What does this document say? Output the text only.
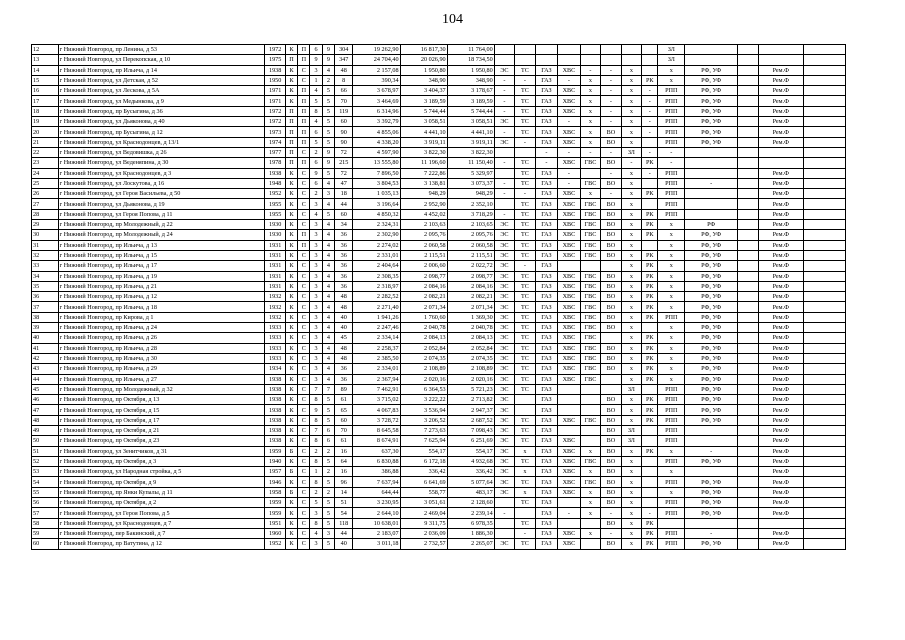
104
12	г Нижний Новгород, пр Ленина, д 53	1972	К	П	6	9	304	19 262,90	16 817,30	11 764,00									ЗЛ				
13	г Нижний Новгород, ул Перекопская, д 10	1975	П	П	9	9	347	24 704,40	20 026,90	18 734,50									ЗЛ				
14	г Нижний Новгород, пр Ильича, д 14	1938	К	С	3	4	48	2 157,08	1 950,80	1 950,80	ЭС	ТС	ГАЗ	ХВС	-	-	х		х	РФ, УФ		Рем.Ф	
15	г Нижний Новгород, ул Детская, д 52	1950	К	С	1	2	8	390,34	348,90	348,90	-	-	ГАЗ	-	х	-	х	РК	х	РФ, УФ		Рем.Ф	
16	г Нижний Новгород, ул Лескова, д 5А	1971	К	П	4	5	66	3 678,97	3 404,37	3 178,67	-	ТС	ГАЗ	ХВС	х	-	х	-	РПП	РФ, УФ		Рем.Ф	
17	г Нижний Новгород, ул Медынкова, д 9	1971	К	П	5	5	70	3 464,69	3 189,59	3 189,59	-	ТС	ГАЗ	ХВС	х	-	х	-	РПП	РФ, УФ		Рем.Ф	
18	г Нижний Новгород, пр Бусыгина, д 36	1972	П	П	8	5	119	6 314,96	5 744,44	5 744,44	-	ТС	ГАЗ	ХВС	х	-	х	-	РПП	РФ, УФ		Рем.Ф	
19	г Нижний Новгород, ул Дьяконова, д 40	1972	П	П	4	5	60	3 392,79	3 058,51	3 058,51	ЭС	ТС	ГАЗ	-	х	-	х	-	РПП	РФ, УФ		Рем.Ф	
20	г Нижний Новгород, пр Бусыгина, д 12	1973	П	П	6	5	90	4 855,06	4 441,10	4 441,10	-	ТС	ГАЗ	ХВС	х	ВО	х	-	РПП	РФ, УФ		Рем.Ф	
21	г Нижний Новгород, ул Краснодонцев, д 13/1	1974	П	П	5	5	90	4 338,20	3 919,11	3 919,11	ЭС	-	ГАЗ	ХВС	х	ВО	х		РПП	РФ, УФ		Рем.Ф	
22	г Нижний Новгород, ул Ведовишка, д 26	1977	П	С	2	9	72	4 597,90	3 822,30	3 822,30			-	-	-	-	ЗЛ	-	-				
23	г Нижний Новгород, ул Веденяпина, д 30	1978	П	П	6	9	215	13 555,80	11 196,60	11 150,40	-	ТС	-	ХВС	ГВС	ВО	-	РК	-				
24	г Нижний Новгород, ул Краснодонцев, д 3	1938	К	С	9	5	72	7 896,50	7 222,86	5 329,97		ТС	ГАЗ	-		-	х	-	РПП			Рем.Ф	
25	г Нижний Новгород, ул Лоскутова, д 16	1948	К	С	6	4	47	3 804,53	3 138,81	3 073,37	-	ТС	ГАЗ	-	ГВС	ВО	х		РПП	-		Рем.Ф	
26	г Нижний Новгород, ул Героя Васильева, д 50	1952	К	С	2	3	18	1 035,13	948,29	948,29	-	-	ГАЗ	ХВС	х	-	х	РК	РПП			Рем.Ф	
27	г Нижний Новгород, ул Дьяконова, д 19	1955	К	С	3	4	44	3 196,64	2 952,90	2 352,10		ТС	ГАЗ	ХВС	ГВС	ВО	х		РПП			Рем.Ф	
28	г Нижний Новгород, ул Героя Попова, д 11	1955	К	С	4	5	60	4 850,32	4 452,02	3 718,29	-	ТС	ГАЗ	ХВС	ГВС	ВО	х	РК	РПП			Рем.Ф	
29	г Нижний Новгород, пр Молодежный, д 22	1930	К	С	3	4	34	2 324,31	2 103,63	2 103,65	ЭС	ТС	ГАЗ	ХВС	ГВС	ВО	х	РК	х	РФ		Рем.Ф	
30	г Нижний Новгород, пр Молодежный, д 24	1930	К	П	3	4	36	2 302,90	2 095,76	2 095,76	ЭС	ТС	ГАЗ	ХВС	ГВС	ВО	х	РК	х	РФ, УФ		Рем.Ф	
31	г Нижний Новгород, пр Ильича, д 13	1931	К	П	3	4	36	2 274,02	2 060,58	2 060,58	ЭС	ТС	ГАЗ	ХВС	ГВС	ВО	х		х	РФ, УФ		Рем.Ф	
32	г Нижний Новгород, пр Ильича, д 15	1931	К	С	3	4	36	2 331,01	2 115,51	2 115,51	ЭС	ТС	ГАЗ	ХВС	ГВС	ВО	х	РК	х	РФ, УФ		Рем.Ф	
33	г Нижний Новгород, пр Ильича, д 17	1931	К	С	3	4	36	2 404,64	2 006,60	2 022,72	ЭС	-	ГАЗ				х	РК	х	РФ, УФ		Рем.Ф	
34	г Нижний Новгород, пр Ильича, д 19	1931	К	С	3	4	36	2 308,35	2 098,77	2 098,77	ЭС	ТС	ГАЗ	ХВС	ГВС	ВО	х	РК	х	РФ, УФ		Рем.Ф	
35	г Нижний Новгород, пр Ильича, д 21	1931	К	С	3	4	36	2 318,97	2 084,16	2 084,16	ЭС	ТС	ГАЗ	ХВС	ГВС	ВО	х	РК	х	РФ, УФ		Рем.Ф	
36	г Нижний Новгород, пр Ильича, д 12	1932	К	С	3	4	48	2 282,52	2 082,21	2 082,21	ЭС	ТС	ГАЗ	ХВС	ГВС	ВО	х	РК	х	РФ, УФ		Рем.Ф	
37	г Нижний Новгород, пр Ильича, д 18	1932	К	С	3	4	48	2 271,40	2 071,34	2 071,34	ЭС	ТС	ГАЗ	ХВС	ГВС	ВО	х	РК	х	РФ, УФ		Рем.Ф	
38	г Нижний Новгород, пр Кирова, д 1	1932	К	С	3	4	40	1 941,26	1 760,60	1 369,30	ЭС	ТС	ГАЗ	ХВС	ГВС	ВО	х	РК	РПП	РФ, УФ		Рем.Ф	
39	г Нижний Новгород, пр Ильича, д 24	1933	К	С	3	4	40	2 247,46	2 040,78	2 040,78	ЭС	ТС	ГАЗ	ХВС	ГВС	ВО	х		х	РФ, УФ		Рем.Ф	
40	г Нижний Новгород, пр Ильича, д 26	1933	К	С	3	4	45	2 334,14	2 084,13	2 084,13	ЭС	ТС	ГАЗ	ХВС	ГВС		х	РК	х	РФ, УФ		Рем.Ф	
41	г Нижний Новгород, пр Ильича, д 28	1933	К	С	3	4	48	2 258,37	2 052,84	2 052,84	ЭС	ТС	ГАЗ	ХВС	ГВС	ВО	х	РК	х	РФ, УФ		Рем.Ф	
42	г Нижний Новгород, пр Ильича, д 30	1933	К	С	3	4	48	2 385,50	2 074,35	2 074,35	ЭС	ТС	ГАЗ	ХВС	ГВС	ВО	х	РК	х	РФ, УФ		Рем.Ф	
43	г Нижний Новгород, пр Ильича, д 29	1934	К	С	3	4	36	2 334,01	2 108,89	2 108,89	ЭС	ТС	ГАЗ	ХВС	ГВС	ВО	х	РК	х	РФ, УФ		Рем.Ф	
44	г Нижний Новгород, пр Ильича, д 27	1938	К	С	3	4	36	2 367,94	2 020,16	2 020,16	ЭС	ТС	ГАЗ	ХВС	ГВС		х	РК	х	РФ, УФ		Рем.Ф	
45	г Нижний Новгород, пр Молодежный, д 32	1938	К	С	7	7	89	7 462,91	6 364,53	5 721,23	ЭС	ТС	ГАЗ				ЗЛ		РПП	РФ, УФ		Рем.Ф	
46	г Нижний Новгород, пр Октября, д 13	1938	К	С	8	5	61	3 715,02	3 222,22	2 713,82	ЭС		ГАЗ			ВО	х	РК	РПП	РФ, УФ		Рем.Ф	
47	г Нижний Новгород, пр Октября, д 15	1938	К	С	9	5	65	4 067,83	3 536,94	2 947,37	ЭС		ГАЗ			ВО	х	РК	РПП	РФ, УФ		Рем.Ф	
48	г Нижний Новгород, пр Октября, д 17	1938	К	С	8	5	60	3 728,72	3 206,52	2 687,52	ЭС	ТС	ГАЗ	ХВС	ГВС	ВО	х	РК	РПП	РФ, УФ		Рем.Ф	
49	г Нижний Новгород, пр Октября, д 21	1938	К	С	7	6	70	8 645,58	7 273,63	7 098,43	ЭС	ТС	ГАЗ			ВО	ЗЛ		РПП			Рем.Ф	
50	г Нижний Новгород, пр Октября, д 23	1938	К	С	8	6	61	8 674,91	7 625,94	6 251,69	ЭС	ТС	ГАЗ	ХВС		ВО	ЗЛ		РПП			Рем.Ф	
51	г Нижний Новгород, ул Зенитчиков, д 31	1959	Б	С	2	2	16	637,30	554,17	554,17	ЭС	х	ГАЗ	ХВС	х	ВО	х	РК	х	-		Рем.Ф	
52	г Нижний Новгород, пр Октября, д 3	1940	К	С	8	5	64	6 830,88	6 172,18	4 932,68	ЭС	ТС	ГАЗ	ХВС	ГВС	ВО	х		РПП	РФ, УФ		Рем.Ф	
53	г Нижний Новгород, ул Народная стройка, д 5	1957	Б	С	1	2	16	386,88	336,42	336,42	ЭС	х	ГАЗ	ХВС	х	ВО	х		х			Рем.Ф	
54	г Нижний Новгород, пр Октября, д 9	1946	К	С	8	5	96	7 637,94	6 641,69	5 077,64	ЭС	ТС	ГАЗ	ХВС	ГВС	ВО	х		РПП	РФ, УФ		Рем.Ф	
55	г Нижний Новгород, пр Янки Купалы, д 11	1958	Б	С	2	2	14	644,44	558,77	483,17	ЭС	х	ГАЗ	ХВС	х	ВО	х		х	РФ, УФ		Рем.Ф	
56	г Нижний Новгород, пр Октября, д 2	1959	К	С	5	5	51	3 230,95	3 051,61	2 128,60		ТС	ГАЗ		х	ВО	х		РПП	РФ, УФ		Рем.Ф	
57	г Нижний Новгород, ул Героя Попова, д 5	1959	К	С	3	5	54	2 644,10	2 469,04	2 239,14	-		ГАЗ	-	х	-	х	-	РПП	РФ, УФ		Рем.Ф	
58	г Нижний Новгород, ул Краснодонцев, д 7	1951	К	С	8	5	118	10 638,01	9 311,75	6 978,35		ТС	ГАЗ			ВО	х	РК					
59	г Нижний Новгород, пер Бакинский, д 7	1960	К	С	4	3	44	2 183,07	2 036,09	1 886,30		-	ГАЗ	ХВС	х	-	х	РК	РПП	-		Рем.Ф	
60	г Нижний Новгород, пр Ватутина, д 12	1952	К	С	3	5	40	3 011,18	2 732,57	2 265,07	ЭС	ТС	ГАЗ	ХВС		ВО	х	РК	РПП	РФ, УФ		Рем.Ф	
